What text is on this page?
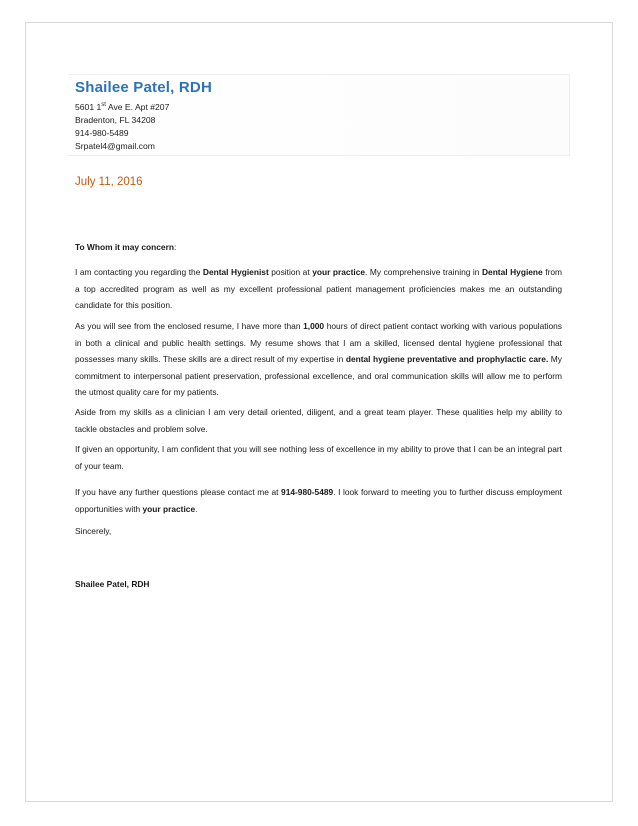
Shailee Patel, RDH
5601 1st Ave E. Apt #207
Bradenton, FL 34208
914-980-5489
Srpatel4@gmail.com
July 11, 2016
To Whom it may concern:
I am contacting you regarding the Dental Hygienist position at your practice. My comprehensive training in Dental Hygiene from a top accredited program as well as my excellent professional patient management proficiencies makes me an outstanding candidate for this position.
As you will see from the enclosed resume, I have more than 1,000 hours of direct patient contact working with various populations in both a clinical and public health settings. My resume shows that I am a skilled, licensed dental hygiene professional that possesses many skills. These skills are a direct result of my expertise in dental hygiene preventative and prophylactic care. My commitment to interpersonal patient preservation, professional excellence, and oral communication skills will allow me to perform the utmost quality care for my patients.
Aside from my skills as a clinician I am very detail oriented, diligent, and a great team player. These qualities help my ability to tackle obstacles and problem solve.
If given an opportunity, I am confident that you will see nothing less of excellence in my ability to prove that I can be an integral part of your team.
If you have any further questions please contact me at 914-980-5489. I look forward to meeting you to further discuss employment opportunities with your practice.
Sincerely,
Shailee Patel, RDH
